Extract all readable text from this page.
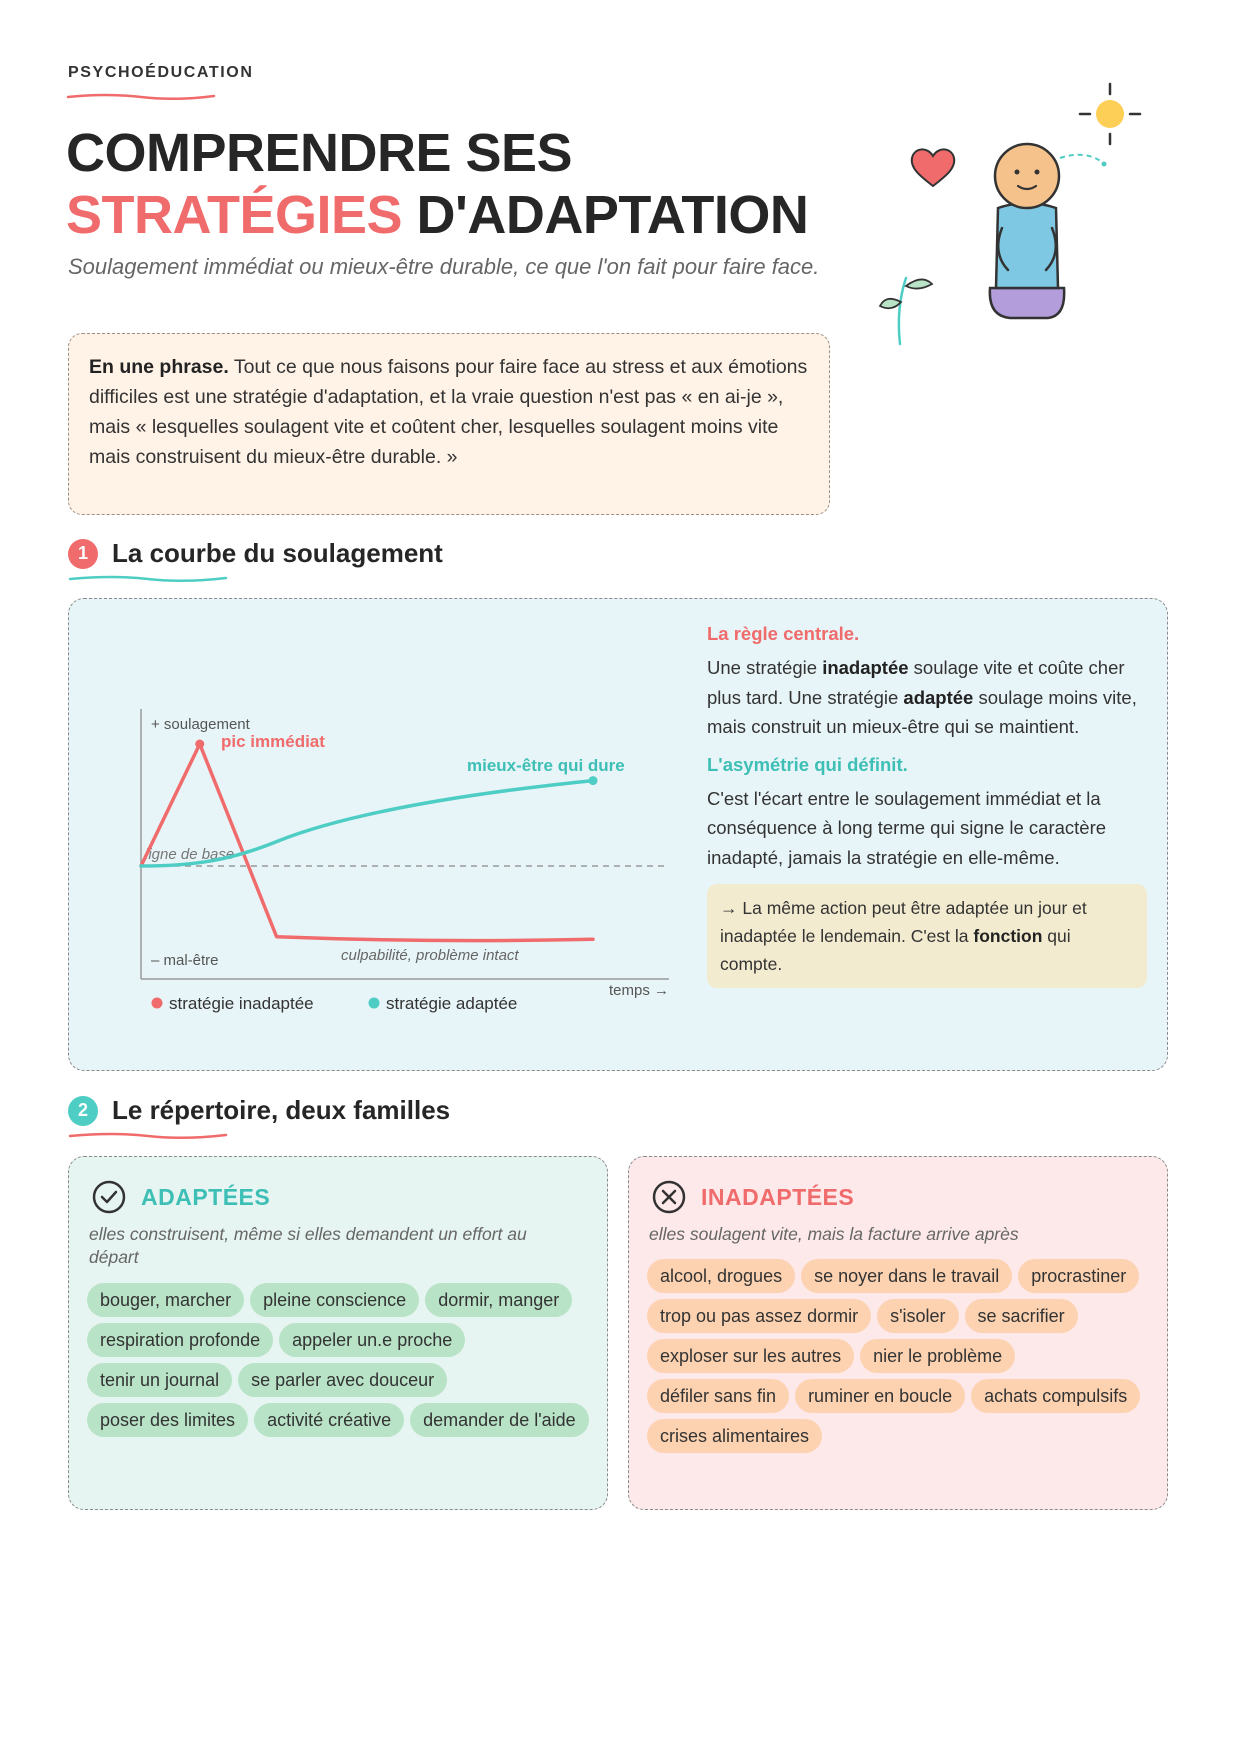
PSYCHOÉDUCATION
COMPRENDRE SES
STRATÉGIES D'ADAPTATION
Soulagement immédiat ou mieux-être durable, ce que l'on fait pour faire face.
En une phrase. Tout ce que nous faisons pour faire face au stress et aux émotions difficiles est une stratégie d'adaptation, et la vraie question n'est pas « en ai-je », mais « lesquelles soulagent vite et coûtent cher, lesquelles soulagent moins vite mais construisent du mieux-être durable. »
1 La courbe du soulagement
+ soulagement
– mal-être
temps →
ligne de base
pic immédiat
mieux-être qui dure
culpabilité, problème intact
stratégie inadaptée	stratégie adaptée
La règle centrale.
Une stratégie inadaptée soulage vite et coûte cher plus tard. Une stratégie adaptée soulage moins vite, mais construit un mieux-être qui se maintient.
L'asymétrie qui définit.
C'est l'écart entre le soulagement immédiat et la conséquence à long terme qui signe le caractère inadapté, jamais la stratégie en elle-même.
→ La même action peut être adaptée un jour et inadaptée le lendemain. C'est la fonction qui compte.
2 Le répertoire, deux familles
ADAPTÉES
elles construisent, même si elles demandent un effort au départ
bouger, marcher	pleine conscience	dormir, manger
respiration profonde	appeler un.e proche
tenir un journal	se parler avec douceur
poser des limites	activité créative	demander de l'aide
INADAPTÉES
elles soulagent vite, mais la facture arrive après
alcool, drogues	se noyer dans le travail	procrastiner
trop ou pas assez dormir	s'isoler	se sacrifier
exploser sur les autres	nier le problème
défiler sans fin	ruminer en boucle	achats compulsifs
crises alimentaires
